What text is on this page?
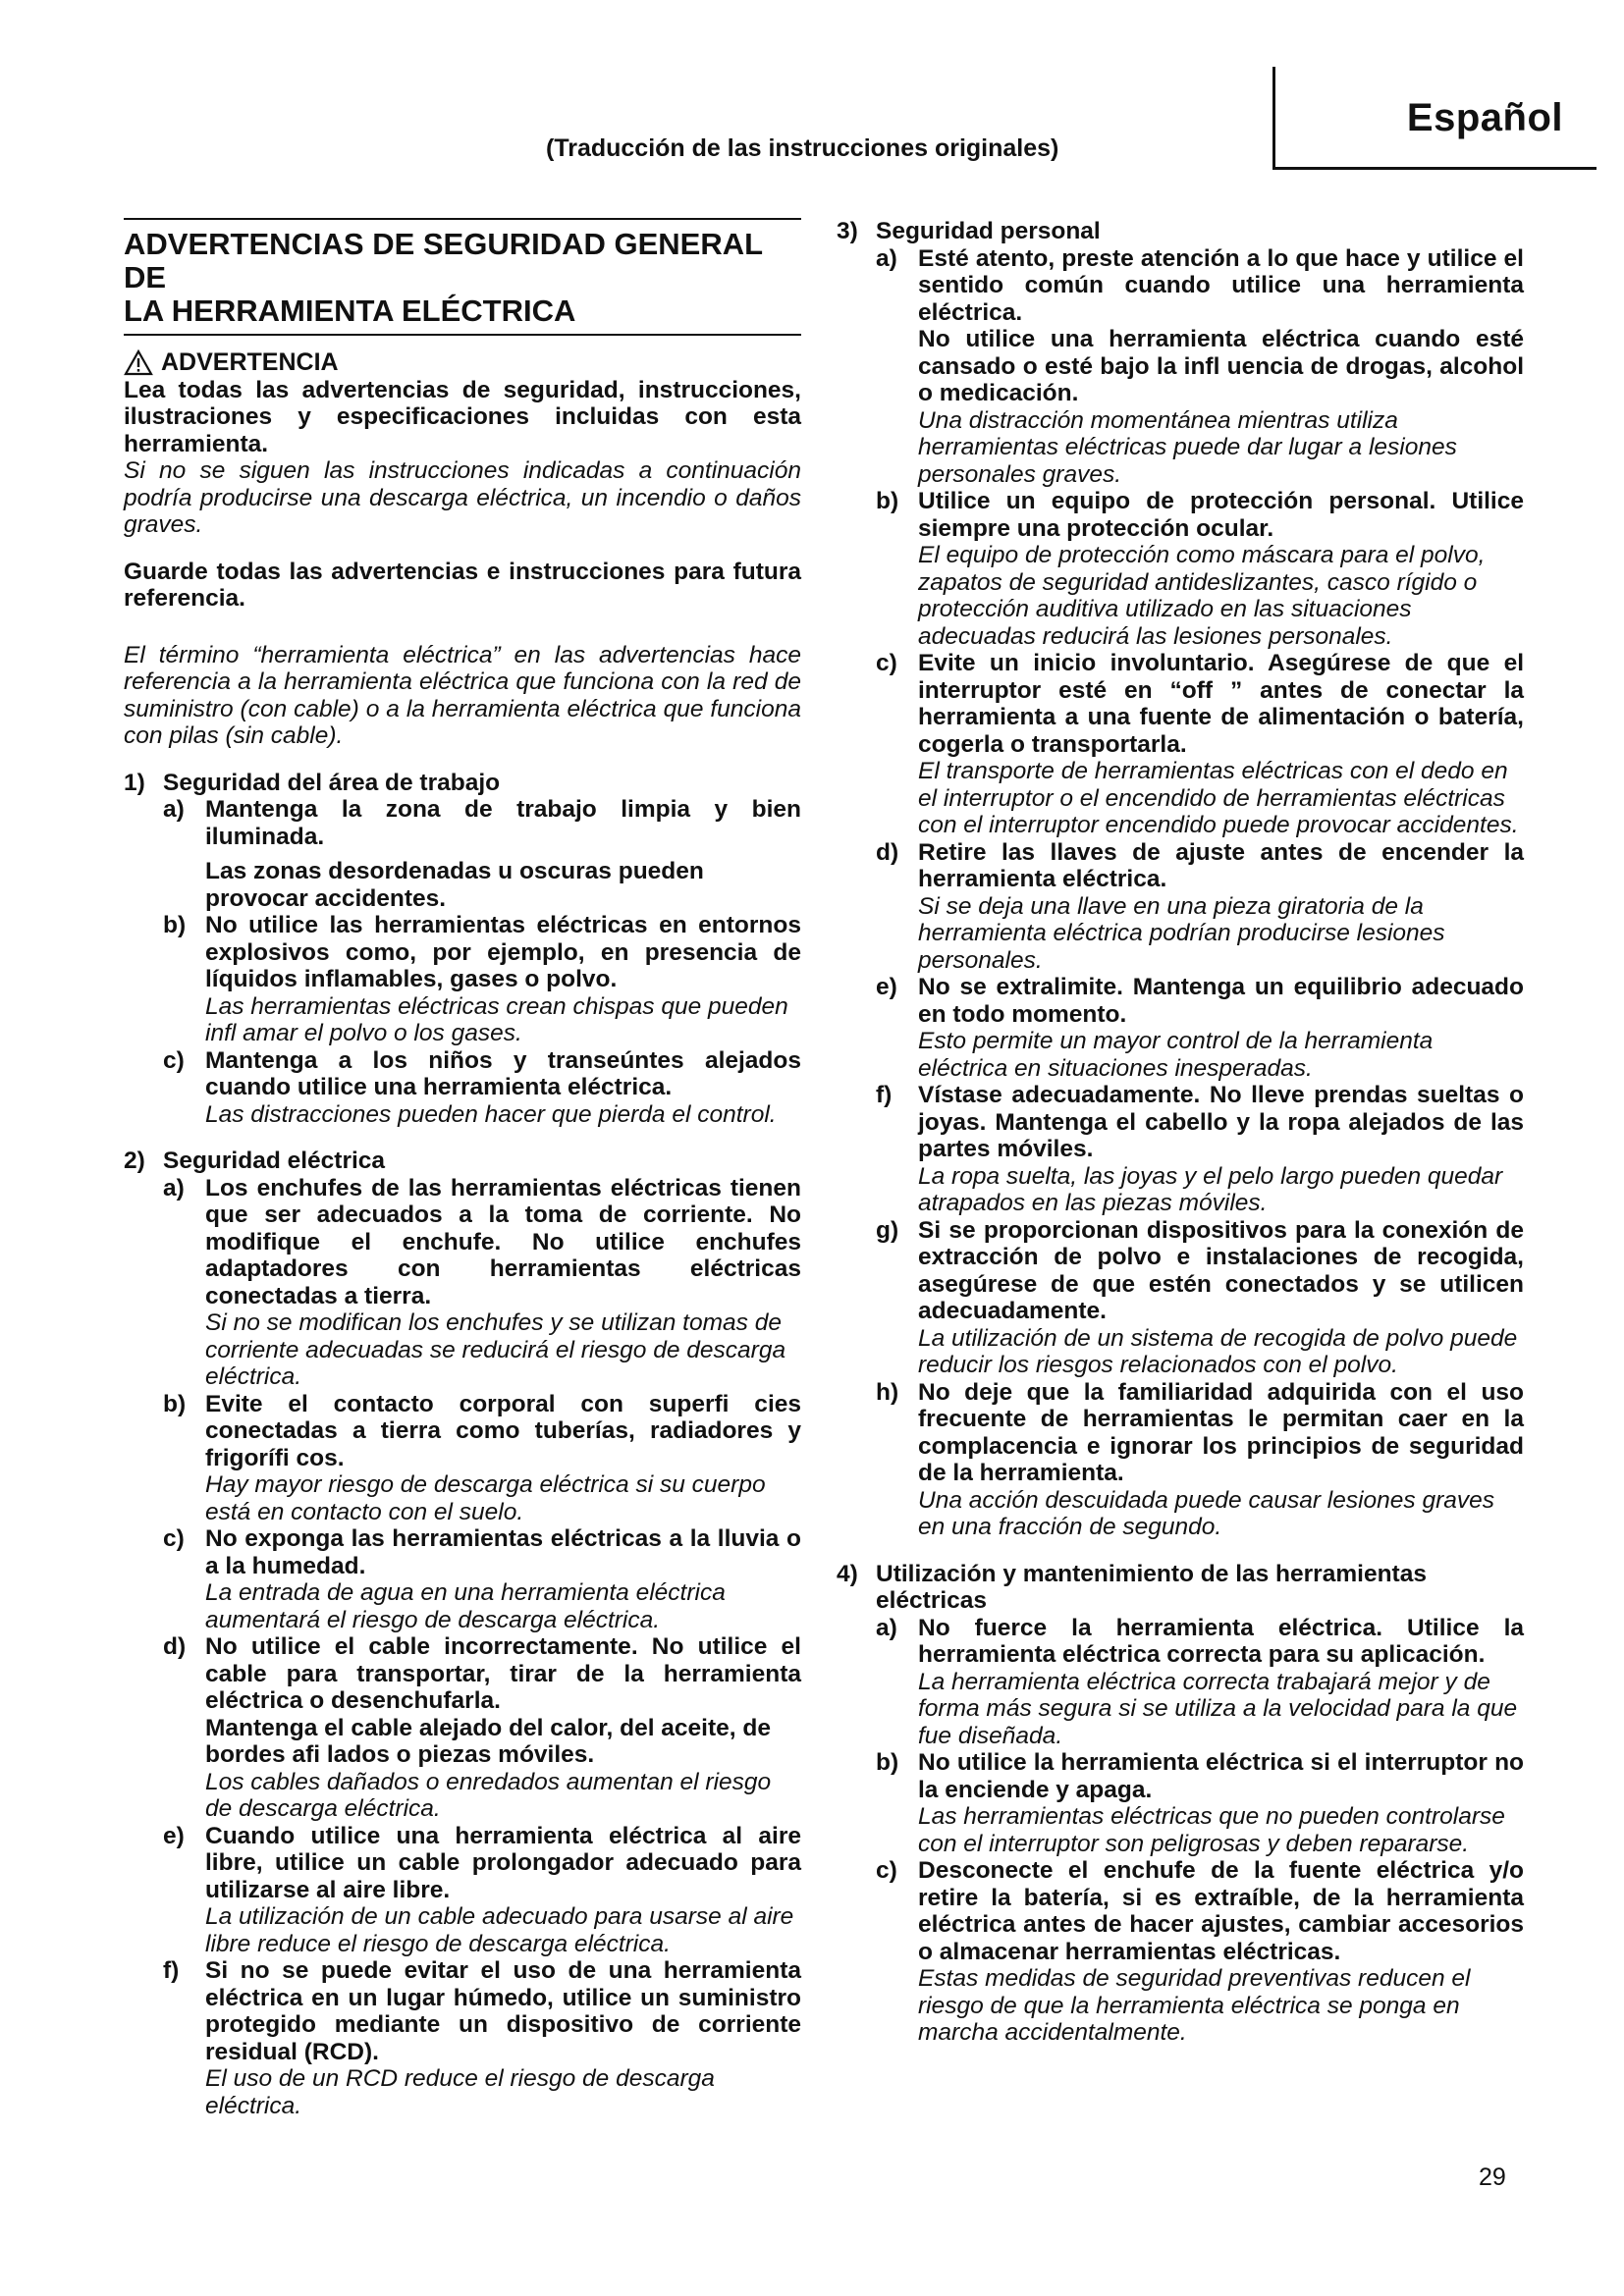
Español
(Traducción de las instrucciones originales)

ADVERTENCIAS DE SEGURIDAD GENERAL DE

LA HERRAMIENTA ELÉCTRICA

ADVERTENCIA

Lea todas las advertencias de seguridad, instrucciones, ilustraciones y especificaciones incluidas con esta herramienta.

Si no se siguen las instrucciones indicadas a continuación podría producirse una descarga eléctrica, un incendio o daños graves.

Guarde todas las advertencias e instrucciones para futura referencia.

El término “herramienta eléctrica” en las advertencias hace referencia a la herramienta eléctrica que funciona con la red de suministro (con cable) o a la herramienta eléctrica que funciona con pilas (sin cable).

1) Seguridad del área de trabajo
a) Mantenga la zona de trabajo limpia y bien iluminada.

Las zonas desordenadas u oscuras pueden provocar accidentes.

b) No utilice las herramientas eléctricas en entornos explosivos como, por ejemplo, en presencia de líquidos inflamables, gases o polvo.

Las herramientas eléctricas crean chispas que pueden infl amar el polvo o los gases.

c) Mantenga a los niños y transeúntes alejados cuando utilice una herramienta eléctrica.

Las distracciones pueden hacer que pierda el control.

2) Seguridad eléctrica
a) Los enchufes de las herramientas eléctricas tienen que ser adecuados a la toma de corriente. No modifique el enchufe. No utilice enchufes adaptadores con herramientas eléctricas conectadas a tierra.

Si no se modifican los enchufes y se utilizan tomas de corriente adecuadas se reducirá el riesgo de descarga eléctrica.

b) Evite el contacto corporal con superfi cies conectadas a tierra como tuberías, radiadores y frigorífi cos.

Hay mayor riesgo de descarga eléctrica si su cuerpo está en contacto con el suelo.

c) No exponga las herramientas eléctricas a la lluvia o a la humedad.

La entrada de agua en una herramienta eléctrica aumentará el riesgo de descarga eléctrica.

d) No utilice el cable incorrectamente. No utilice el cable para transportar, tirar de la herramienta eléctrica o desenchufarla.

Mantenga el cable alejado del calor, del aceite, de bordes afi lados o piezas móviles.

Los cables dañados o enredados aumentan el riesgo de descarga eléctrica.

e) Cuando utilice una herramienta eléctrica al aire libre, utilice un cable prolongador adecuado para utilizarse al aire libre.

La utilización de un cable adecuado para usarse al aire libre reduce el riesgo de descarga eléctrica.

f)	Si no se puede evitar el uso de una herramienta eléctrica en un lugar húmedo, utilice un suministro protegido mediante un dispositivo de corriente residual (RCD).

El uso de un RCD reduce el riesgo de descarga eléctrica.

3) Seguridad personal
a) Esté atento, preste atención a lo que hace y utilice el sentido común cuando utilice una herramienta eléctrica.

No utilice una herramienta eléctrica cuando esté cansado o esté bajo la infl uencia de drogas, alcohol o medicación.

Una distracción momentánea mientras utiliza herramientas eléctricas puede dar lugar a lesiones personales graves.

b) Utilice un equipo de protección personal. Utilice siempre una protección ocular.

El equipo de protección como máscara para el polvo, zapatos de seguridad antideslizantes, casco rígido o protección auditiva utilizado en las situaciones adecuadas reducirá las lesiones personales.

c) Evite un inicio involuntario. Asegúrese de que el interruptor esté en “off ” antes de conectar la herramienta a una fuente de alimentación o batería, cogerla o transportarla.

El transporte de herramientas eléctricas con el dedo en el interruptor o el encendido de herramientas eléctricas con el interruptor encendido puede provocar accidentes.

d) Retire las llaves de ajuste antes de encender la herramienta eléctrica.

Si se deja una llave en una pieza giratoria de la herramienta eléctrica podrían producirse lesiones personales.

e) No se extralimite. Mantenga un equilibrio adecuado en todo momento.

Esto permite un mayor control de la herramienta eléctrica en situaciones inesperadas.

f)	Vístase adecuadamente. No lleve prendas sueltas o joyas. Mantenga el cabello y la ropa alejados de las partes móviles.

La ropa suelta, las joyas y el pelo largo pueden quedar atrapados en las piezas móviles.

g) Si se proporcionan dispositivos para la conexión de extracción de polvo e instalaciones de recogida, asegúrese de que estén conectados y se utilicen adecuadamente.

La utilización de un sistema de recogida de polvo puede reducir los riesgos relacionados con el polvo.

h) No deje que la familiaridad adquirida con el uso frecuente de herramientas le permitan caer en la complacencia e ignorar los principios de seguridad de la herramienta.

Una acción descuidada puede causar lesiones graves en una fracción de segundo.

4) Utilización y mantenimiento de las herramientas eléctricas
a) No fuerce la herramienta eléctrica. Utilice la herramienta eléctrica correcta para su aplicación.

La herramienta eléctrica correcta trabajará mejor y de forma más segura si se utiliza a la velocidad para la que fue diseñada.

b) No utilice la herramienta eléctrica si el interruptor no la enciende y apaga.

Las herramientas eléctricas que no pueden controlarse con el interruptor son peligrosas y deben repararse.

c) Desconecte el enchufe de la fuente eléctrica y/o retire la batería, si es extraíble, de la herramienta eléctrica antes de hacer ajustes, cambiar accesorios o almacenar herramientas eléctricas.

Estas medidas de seguridad preventivas reducen el riesgo de que la herramienta eléctrica se ponga en marcha accidentalmente.

29
